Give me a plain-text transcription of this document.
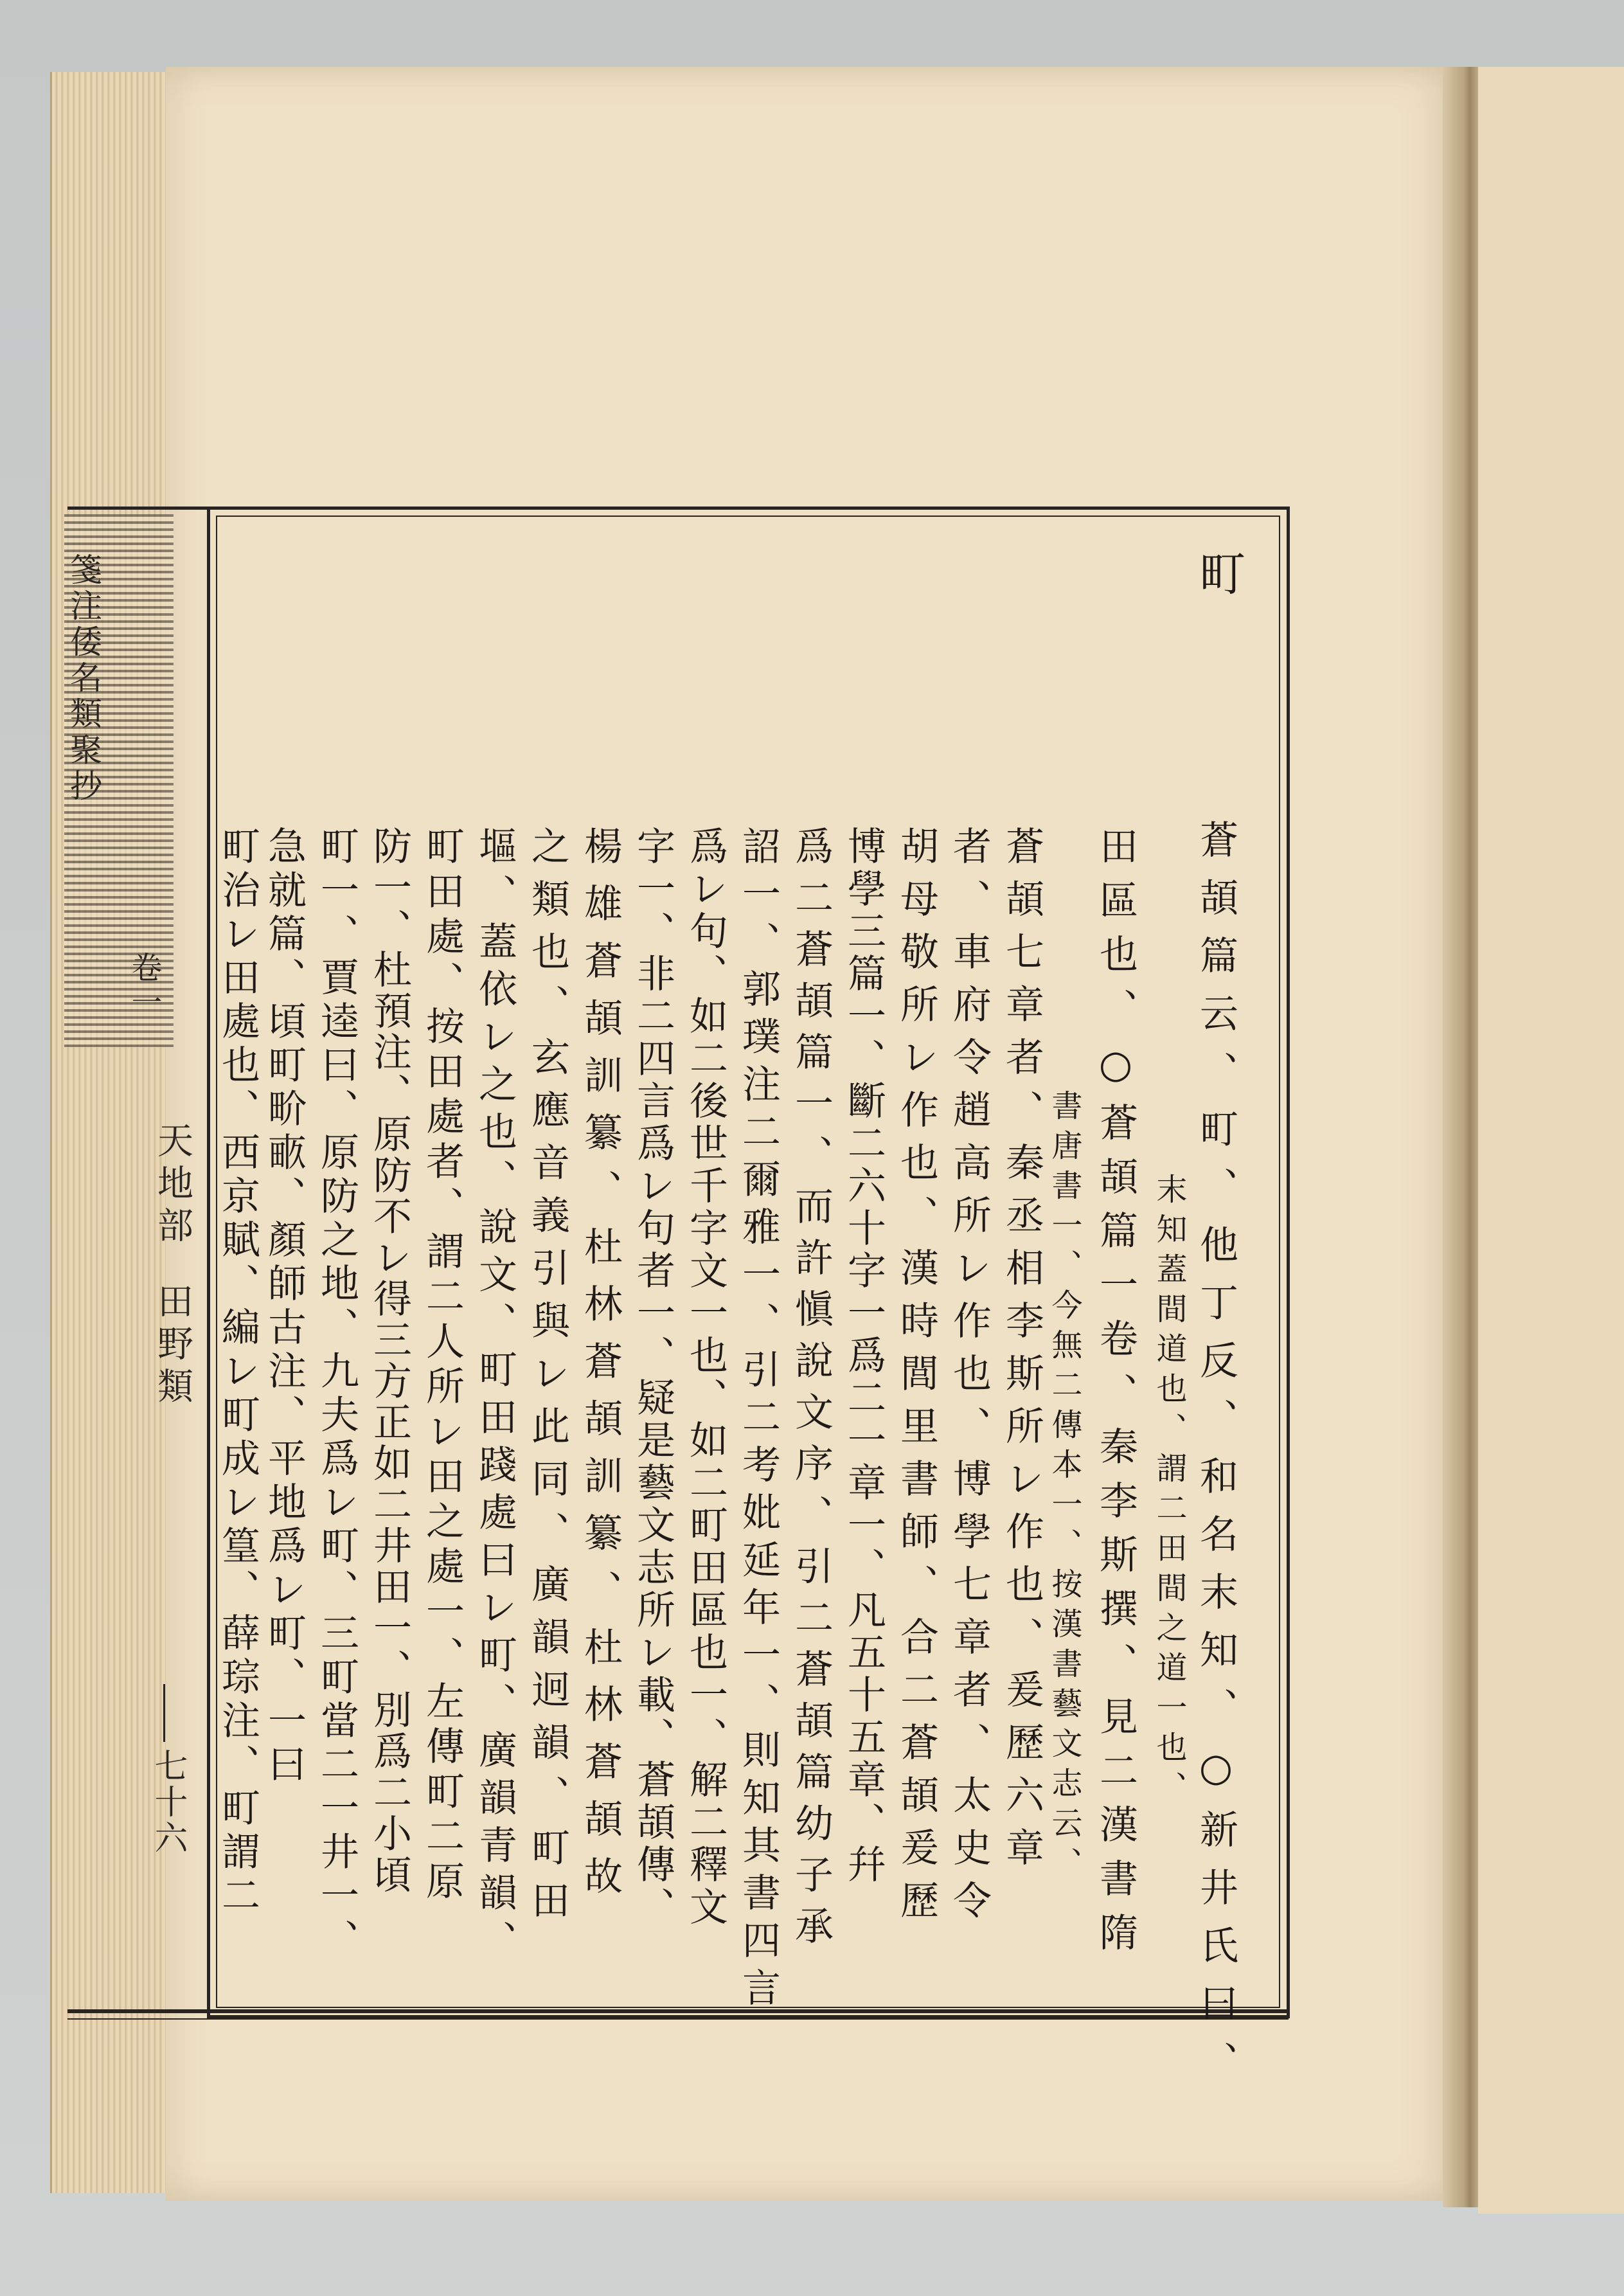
町
蒼頡篇云、町、他丁反、和名末知、○新井氏曰、
末知蓋間道也、謂二田間之道一也、
田區也、○蒼頡篇一卷、秦李斯撰、見二漢書隋
書唐書一、今無二傳本一、按漢書藝文志云、
蒼頡七章者、秦丞相李斯所レ作也、爰歷六章
者、車府令趙高所レ作也、博學七章者、太史令
胡母敬所レ作也、漢時閭里書師、合二蒼頡爰歷
博學三篇一、斷二六十字一爲二一章一、凡五十五章、幷
爲二蒼頡篇一、而許愼說文序、引二蒼頡篇幼子承
詔一、郭璞注二爾雅一、引二考妣延年一、則知其書四言
爲レ句、如二後世千字文一也、如二町田區也一、解二釋文
字一、非二四言爲レ句者一、疑是藝文志所レ載、蒼頡傳、
楊雄蒼頡訓纂、杜林蒼頡訓纂、杜林蒼頡故
之類也、玄應音義引與レ此同、廣韻迥韻、町田
塸、蓋依レ之也、說文、町田踐處曰レ町、廣韻青韻、
町田處、按田處者、謂二人所レ田之處一、左傳町二原
防一、杜預注、原防不レ得三方正如二井田一、別爲二小頃
町一、賈逵曰、原防之地、九夫爲レ町、三町當二一井一、
箋注倭名類聚抄
卷一
天地部
田野類
七十六
急就篇、頃町畍畞、顏師古注、平地爲レ町、一曰
町治レ田處也、西京賦、編レ町成レ篁、薛琮注、町謂二
